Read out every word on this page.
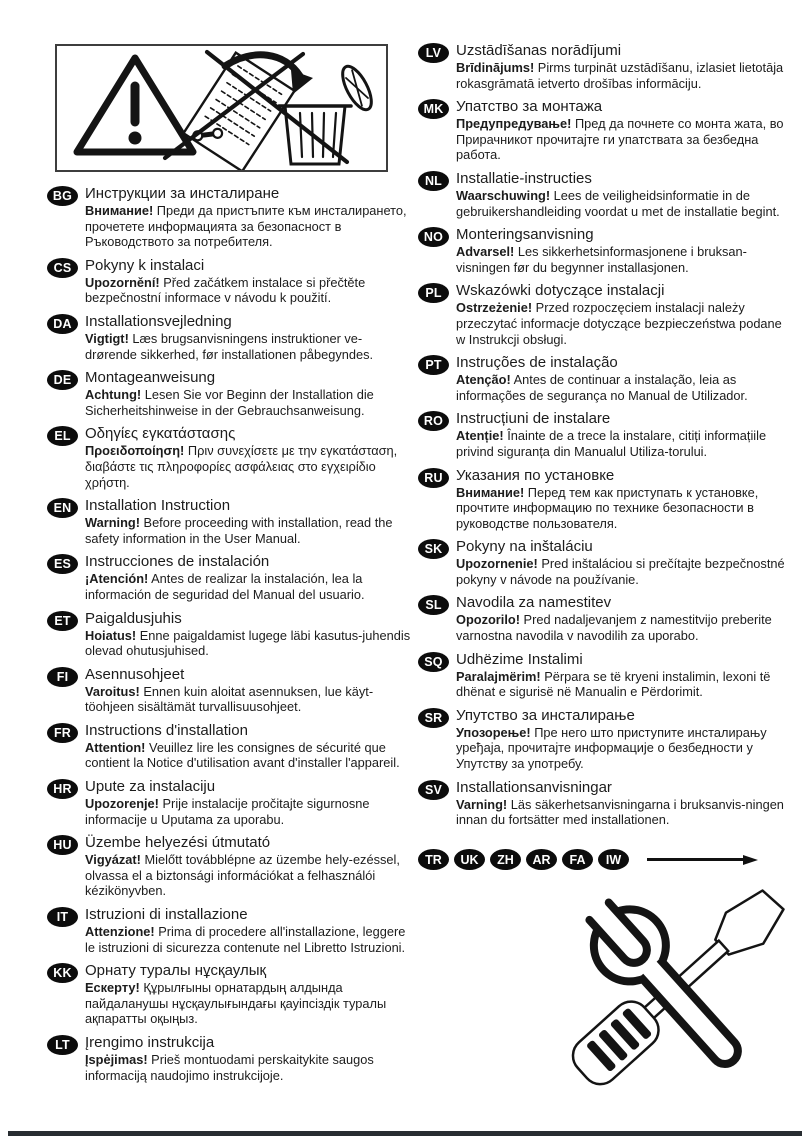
BG Инструкции за инсталиране
Внимание! Преди да пристъпите към инсталирането, прочетете информацията за безопасност в Ръководството за потребителя.
CS Pokyny k instalaci
Upozornění! Před začátkem instalace si přečtěte bezpečnostní informace v návodu k použití.
DA Installationsvejledning
Vigtigt! Læs brugsanvisningens instruktioner ve-drørende sikkerhed, før installationen påbegyndes.
DE Montageanweisung
Achtung! Lesen Sie vor Beginn der Installation die Sicherheitshinweise in der Gebrauchsanweisung.
EL Οδηγίες εγκατάστασης
Προειδοποίηση! Πριν συνεχίσετε με την εγκατάσταση, διαβάστε τις πληροφορίες ασφάλειας στο εγχειρίδιο χρήστη.
EN Installation Instruction
Warning! Before proceeding with installation, read the safety information in the User Manual.
ES Instrucciones de instalación
¡Atención! Antes de realizar la instalación, lea la información de seguridad del Manual del usuario.
ET Paigaldusjuhis
Hoiatus! Enne paigaldamist lugege läbi kasutus-juhendis olevad ohutusjuhised.
FI	Asennusohjeet
Varoitus! Ennen kuin aloitat asennuksen, lue käyt-töohjeen sisältämät turvallisuusohjeet.
FR Instructions d'installation
Attention! Veuillez lire les consignes de sécurité que contient la Notice d'utilisation avant d'installer l'appareil.
HR Upute za instalaciju
Upozorenje! Prije instalacije pročitajte sigurnosne informacije u Uputama za uporabu.
HU Üzembe helyezési útmutató
Vigyázat! Mielőtt továbblépne az üzembe hely-ezéssel, olvassa el a biztonsági információkat a felhasználói kézikönyvben.
IT	Istruzioni di installazione
Attenzione! Prima di procedere all'installazione, leggere le istruzioni di sicurezza contenute nel Libretto Istruzioni.
KK Орнату туралы нұсқаулық
Ескерту! Құрылғыны орнатардың алдында пайдаланушы нұсқаулығындағы қауіпсіздік туралы ақпаратты оқыңыз.
LT	Įrengimo instrukcija
Įspėjimas! Prieš montuodami perskaitykite saugos informaciją naudojimo instrukcijoje.
LV Uzstādīšanas norādījumi
Brīdinājums! Pirms turpināt uzstādīšanu, izlasiet lietotāja rokasgrāmatā ietverto drošības informāciju.
MK Упатство за монтажа
Предупредување! Пред да почнете со монта жата, во Прирачникот прочитајте ги упатствата за безбедна работа.
NL Installatie-instructies
Waarschuwing! Lees de veiligheidsinformatie in de gebruikershandleiding voordat u met de installatie begint.
NO Monteringsanvisning
Advarsel! Les sikkerhetsinformasjonene i bruksan-visningen før du begynner installasjonen.
PL Wskazówki dotyczące instalacji
Ostrzeżenie! Przed rozpoczęciem instalacji należy przeczytać informacje dotyczące bezpieczeństwa podane w Instrukcji obsługi.
PT Instruções de instalação
Atenção! Antes de continuar a instalação, leia as informações de segurança no Manual de Utilizador.
RO Instrucțiuni de instalare
Atenție! Înainte de a trece la instalare, citiți informațiile privind siguranța din Manualul Utiliza-torului.
RU Указания по установке
Внимание! Перед тем как приступать к установке, прочтите информацию по технике безопасности в руководстве пользователя.
SK Pokyny na inštaláciu
Upozornenie! Pred inštaláciou si prečítajte bezpečnostné pokyny v návode na používanie.
SL Navodila za namestitev
Opozorilo! Pred nadaljevanjem z namestitvijo preberite varnostna navodila v navodilih za uporabo.
SQ Udhëzime Instalimi
Paralajmërim! Përpara se të kryeni instalimin, lexoni të dhënat e sigurisë në Manualin e Përdorimit.
SR Упутство за инсталирање
Упозорење! Пре него што приступите инсталирању уређаја, прочитајте информације о безбедности у Упутству за употребу.
SV Installationsanvisningar
Varning! Läs säkerhetsanvisningarna i bruksanvis-ningen innan du fortsätter med installationen.
TR	UK	ZH	AR	FA	IW
